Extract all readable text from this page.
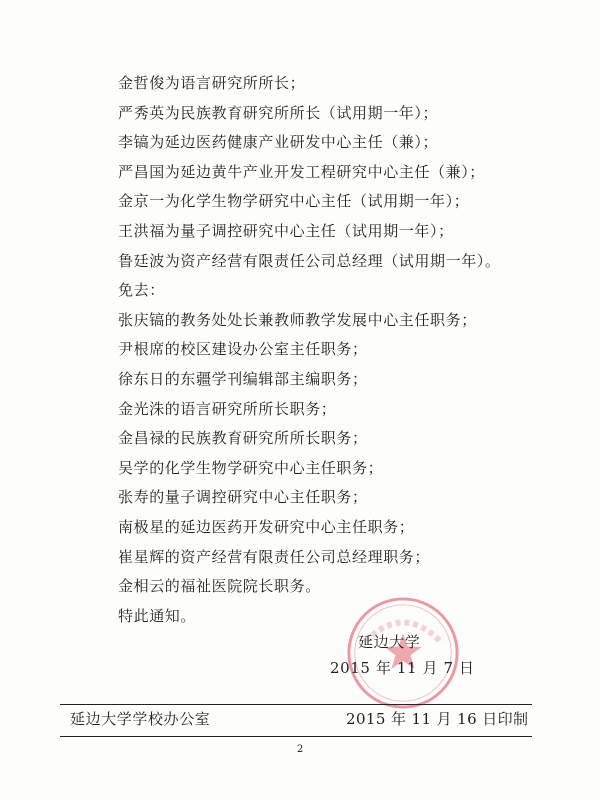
金哲俊为语言研究所所长；
严秀英为民族教育研究所所长（试用期一年）；
李镐为延边医药健康产业研发中心主任（兼）；
严昌国为延边黄牛产业开发工程研究中心主任（兼）；
金京一为化学生物学研究中心主任（试用期一年）；
王洪福为量子调控研究中心主任（试用期一年）；
鲁廷波为资产经营有限责任公司总经理（试用期一年）。
免去：
张庆镐的教务处处长兼教师教学发展中心主任职务；
尹根席的校区建设办公室主任职务；
徐东日的东疆学刊编辑部主编职务；
金光洙的语言研究所所长职务；
金昌禄的民族教育研究所所长职务；
吴学的化学生物学研究中心主任职务；
张寿的量子调控研究中心主任职务；
南极星的延边医药开发研究中心主任职务；
崔星辉的资产经营有限责任公司总经理职务；
金相云的福祉医院院长职务。
特此通知。
延边大学
2015 年 11 月 7 日
延边大学学校办公室	2015 年 11 月 16 日印制
2
